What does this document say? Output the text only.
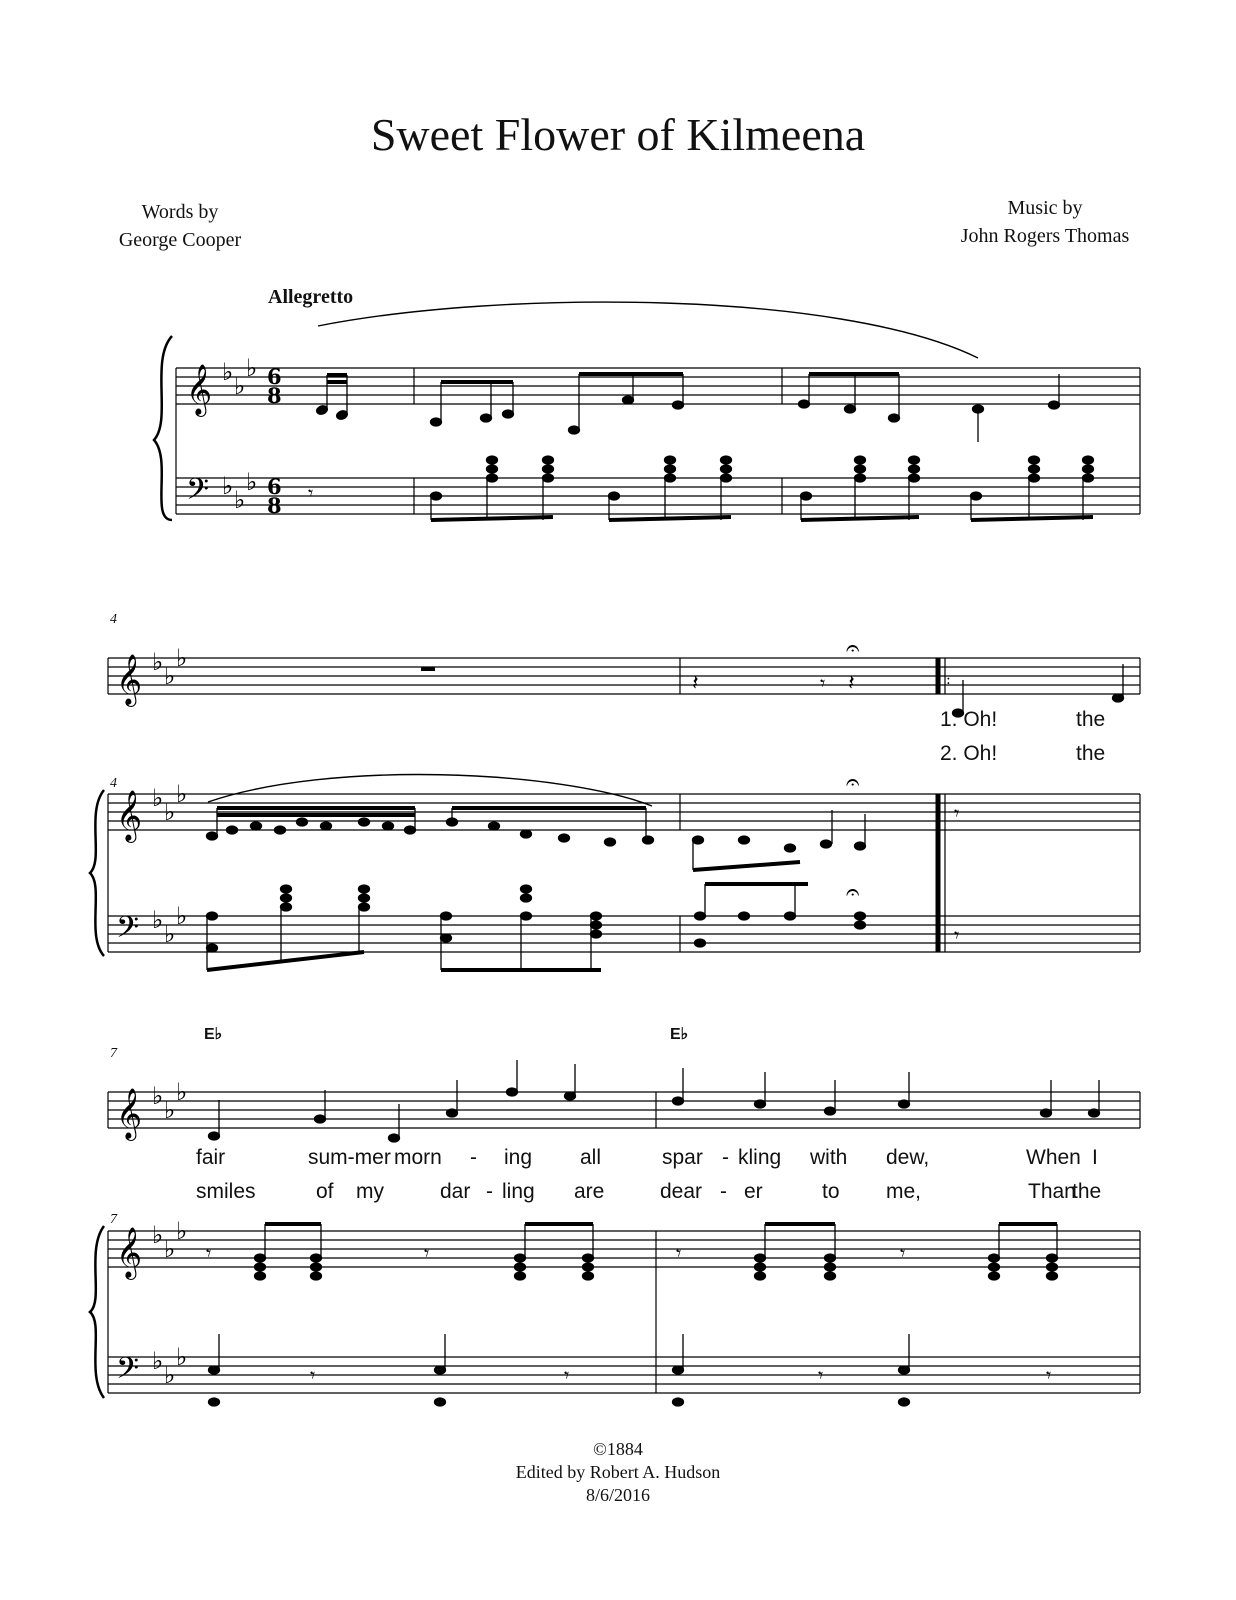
Sweet Flower of Kilmeena
Words by
George Cooper
Music by
John Rogers Thomas
Allegretto
𝄞
𝄢
𝄞
𝄞
𝄢
𝄞
𝄞
𝄢
♭ ♭
♭
♭ ♭
♭
♭ ♭
♭
♭ ♭
♭
♭ ♭
♭
♭ ♭
♭
♭ ♭
♭
♭ ♭
♭
6
8
6
8 𝄾
𝄽	𝄾 𝄽
𝄐
:
𝄐
𝄾
𝄐
𝄾
𝄾	𝄾	𝄾	𝄾
𝄾	𝄾	𝄾	𝄾
4
4
7
7
E♭	E♭
1. Oh!	the
2. Oh!	the
fair	sum-mer morn - ing all	spar - kling with dew,	When I
smiles	of my	dar - ling are	dear - er	to me,	Than
the
©1884
Edited by Robert A. Hudson
8/6/2016
